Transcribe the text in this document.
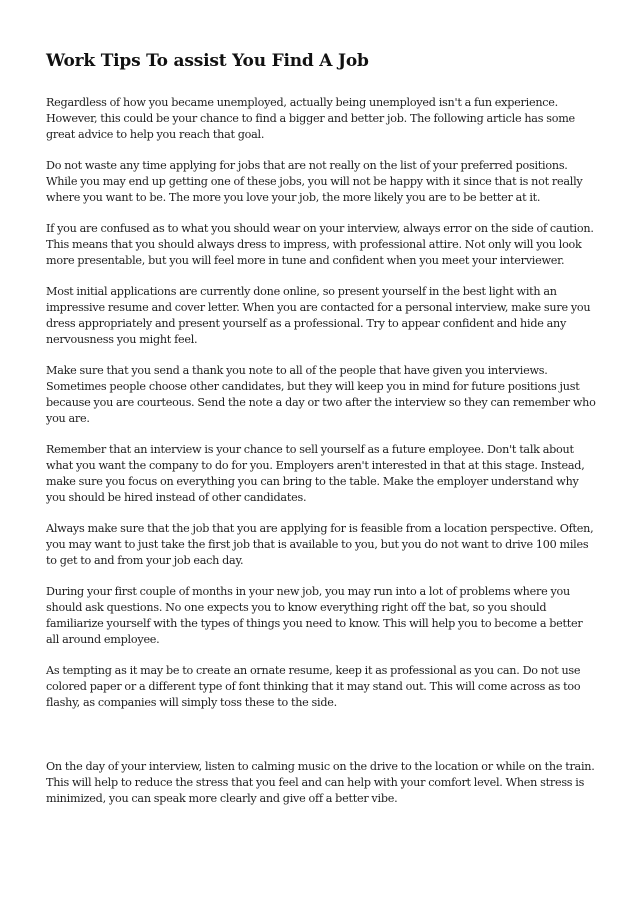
Work Tips To assist You Find A Job

Regardless of how you became unemployed, actually being unemployed isn't a fun experience. However, this could be your chance to find a bigger and better job. The following article has some great advice to help you reach that goal.

Do not waste any time applying for jobs that are not really on the list of your preferred positions. While you may end up getting one of these jobs, you will not be happy with it since that is not really where you want to be. The more you love your job, the more likely you are to be better at it.

If you are confused as to what you should wear on your interview, always error on the side of caution. This means that you should always dress to impress, with professional attire. Not only will you look more presentable, but you will feel more in tune and confident when you meet your interviewer.

Most initial applications are currently done online, so present yourself in the best light with an impressive resume and cover letter. When you are contacted for a personal interview, make sure you dress appropriately and present yourself as a professional. Try to appear confident and hide any nervousness you might feel.

Make sure that you send a thank you note to all of the people that have given you interviews. Sometimes people choose other candidates, but they will keep you in mind for future positions just because you are courteous. Send the note a day or two after the interview so they can remember who you are.

Remember that an interview is your chance to sell yourself as a future employee. Don't talk about what you want the company to do for you. Employers aren't interested in that at this stage. Instead, make sure you focus on everything you can bring to the table. Make the employer understand why you should be hired instead of other candidates.

Always make sure that the job that you are applying for is feasible from a location perspective. Often, you may want to just take the first job that is available to you, but you do not want to drive 100 miles to get to and from your job each day.

During your first couple of months in your new job, you may run into a lot of problems where you should ask questions. No one expects you to know everything right off the bat, so you should familiarize yourself with the types of things you need to know. This will help you to become a better all around employee.

As tempting as it may be to create an ornate resume, keep it as professional as you can. Do not use colored paper or a different type of font thinking that it may stand out. This will come across as too flashy, as companies will simply toss these to the side.

On the day of your interview, listen to calming music on the drive to the location or while on the train. This will help to reduce the stress that you feel and can help with your comfort level. When stress is minimized, you can speak more clearly and give off a better vibe.
